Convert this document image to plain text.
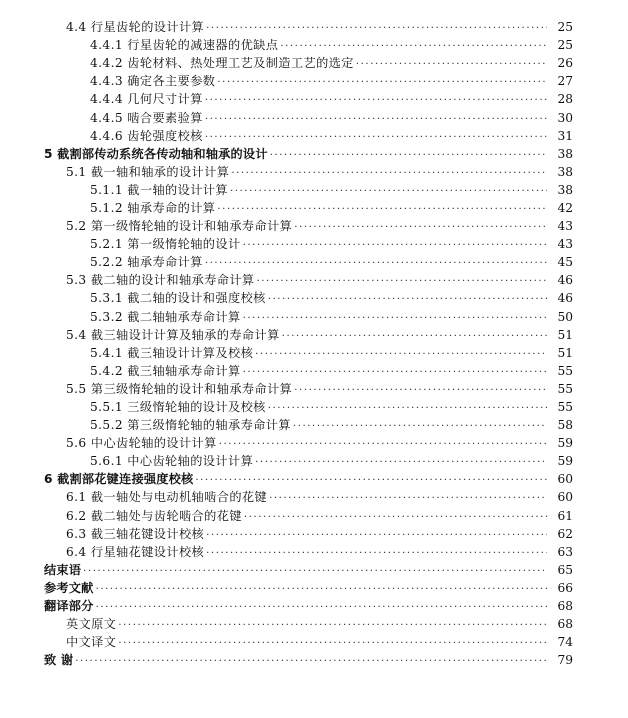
4.4 行星齿轮的设计计算 .....	25
4.4.1 行星齿轮的减速器的优缺点 .....	25
4.4.2 齿轮材料、热处理工艺及制造工艺的选定 .....	26
4.4.3 确定各主要参数 .....	27
4.4.4 几何尺寸计算 .....	28
4.4.5 啮合要素验算 .....	30
4.4.6 齿轮强度校核 .....	31
5 截割部传动系统各传动轴和轴承的设计 .....	38
5.1 截一轴和轴承的设计计算 .....	38
5.1.1 截一轴的设计计算 .....	38
5.1.2 轴承寿命的计算 .....	42
5.2 第一级惰轮轴的设计和轴承寿命计算 .....	43
5.2.1 第一级惰轮轴的设计 .....	43
5.2.2 轴承寿命计算 .....	45
5.3 截二轴的设计和轴承寿命计算 .....	46
5.3.1 截二轴的设计和强度校核 .....	46
5.3.2 截二轴轴承寿命计算 .....	50
5.4 截三轴设计计算及轴承的寿命计算 .....	51
5.4.1 截三轴设计计算及校核 .....	51
5.4.2 截三轴轴承寿命计算 .....	55
5.5 第三级惰轮轴的设计和轴承寿命计算 .....	55
5.5.1 三级惰轮轴的设计及校核 .....	55
5.5.2 第三级惰轮轴的轴承寿命计算 .....	58
5.6 中心齿轮轴的设计计算 .....	59
5.6.1 中心齿轮轴的设计计算 .....	59
6 截割部花键连接强度校核 .....	60
6.1 截一轴处与电动机轴啮合的花键 .....	60
6.2 截二轴处与齿轮啮合的花键 .....	61
6.3 截三轴花键设计校核 .....	62
6.4 行星轴花键设计校核 .....	63
结束语 .....	65
参考文献 .....	66
翻译部分 .....	68
英文原文 .....	68
中文译文 .....	74
致 谢 .....	79
